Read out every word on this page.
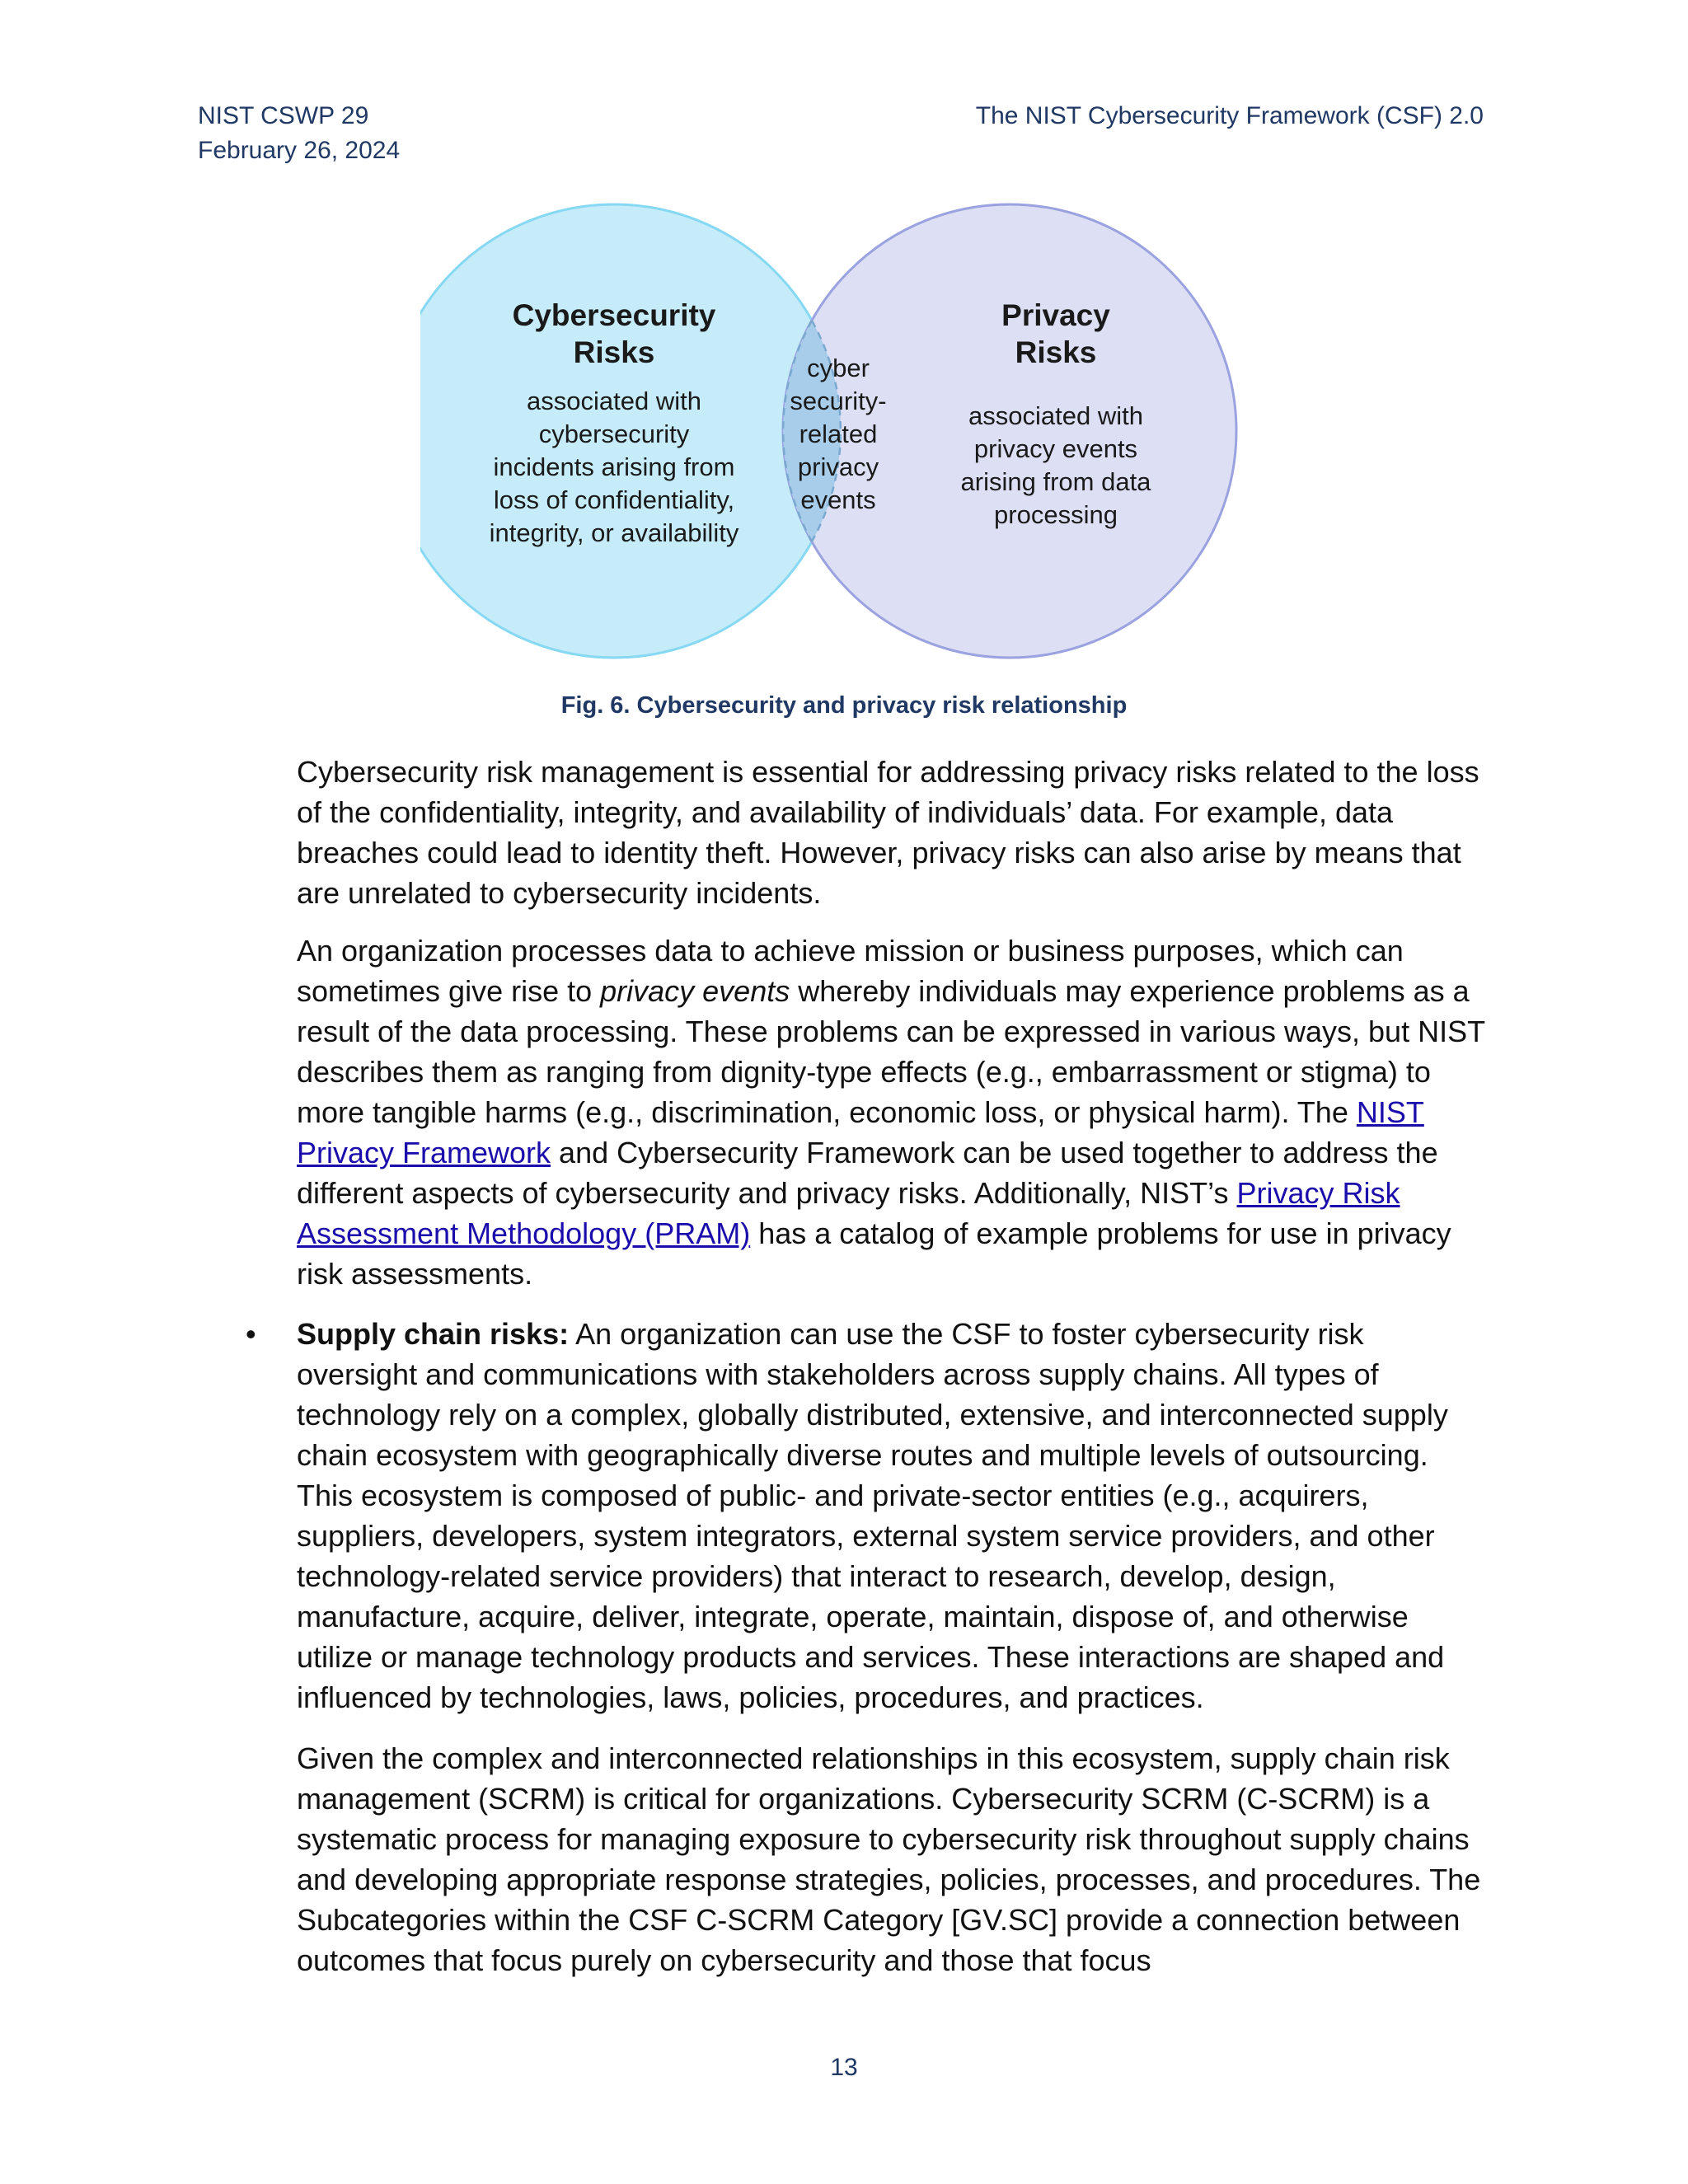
NIST CSWP 29
February 26, 2024
The NIST Cybersecurity Framework (CSF) 2.0
Cybersecurity
Risks
associated with
cybersecurity
incidents arising from
loss of confidentiality,
integrity, or availability
cyber
security-
related
privacy
events
Privacy
Risks
associated with
privacy events
arising from data
processing
Fig. 6. Cybersecurity and privacy risk relationship

Cybersecurity risk management is essential for addressing privacy risks related to the loss of the confidentiality, integrity, and availability of individuals’ data. For example, data breaches could lead to identity theft. However, privacy risks can also arise by means that are unrelated to cybersecurity incidents.

An organization processes data to achieve mission or business purposes, which can sometimes give rise to privacy events whereby individuals may experience problems as a result of the data processing. These problems can be expressed in various ways, but NIST describes them as ranging from dignity-type effects (e.g., embarrassment or stigma) to more tangible harms (e.g., discrimination, economic loss, or physical harm). The NIST Privacy Framework and Cybersecurity Framework can be used together to address the different aspects of cybersecurity and privacy risks. Additionally, NIST’s Privacy Risk Assessment Methodology (PRAM) has a catalog of example problems for use in privacy risk assessments.

• Supply chain risks: An organization can use the CSF to foster cybersecurity risk oversight and communications with stakeholders across supply chains. All types of technology rely on a complex, globally distributed, extensive, and interconnected supply chain ecosystem with geographically diverse routes and multiple levels of outsourcing. This ecosystem is composed of public- and private-sector entities (e.g., acquirers, suppliers, developers, system integrators, external system service providers, and other technology-related service providers) that interact to research, develop, design, manufacture, acquire, deliver, integrate, operate, maintain, dispose of, and otherwise utilize or manage technology products and services. These interactions are shaped and influenced by technologies, laws, policies, procedures, and practices.

Given the complex and interconnected relationships in this ecosystem, supply chain risk management (SCRM) is critical for organizations. Cybersecurity SCRM (C-SCRM) is a systematic process for managing exposure to cybersecurity risk throughout supply chains and developing appropriate response strategies, policies, processes, and procedures. The Subcategories within the CSF C-SCRM Category [GV.SC] provide a connection between outcomes that focus purely on cybersecurity and those that focus

13
